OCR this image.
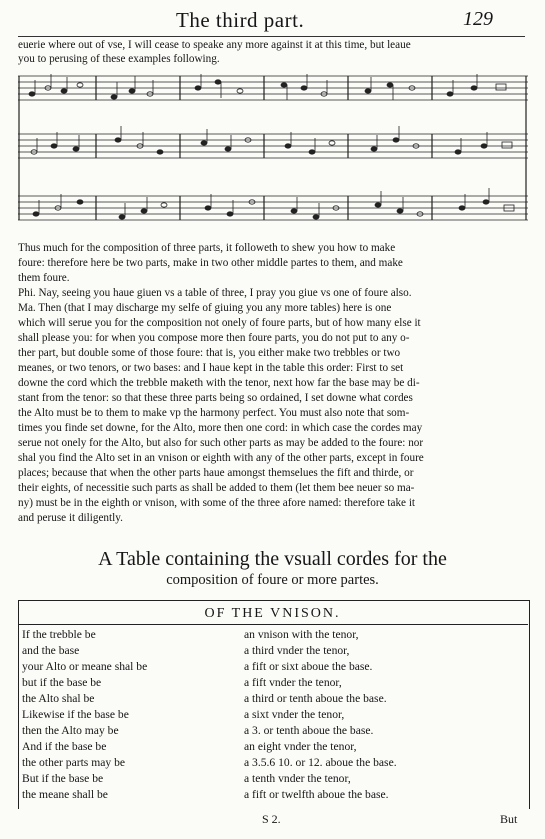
The third part.	129
euerie where out of vse, I will cease to speake any more against it at this time, but leaue
you to perusing of these examples following.
Thus much for the composition of three parts, it followeth to shew you how to make
foure: therefore here be two parts, make in two other middle partes to them, and make
them foure.
Phi. Nay, seeing you haue giuen vs a table of three, I pray you giue vs one of foure also.
Ma. Then (that I may discharge my selfe of giuing you any more tables) here is one
which will serue you for the composition not onely of foure parts, but of how many else it
shall please you: for when you compose more then foure parts, you do not put to any o-
ther part, but double some of those foure: that is, you either make two trebbles or two
meanes, or two tenors, or two bases: and I haue kept in the table this order: First to set
downe the cord which the trebble maketh with the tenor, next how far the base may be di-
stant from the tenor: so that these three parts being so ordained, I set downe what cordes
the Alto must be to them to make vp the harmony perfect. You must also note that som-
times you finde set downe, for the Alto, more then one cord: in which case the cordes may
serue not onely for the Alto, but also for such other parts as may be added to the foure: nor
shal you find the Alto set in an vnison or eighth with any of the other parts, except in foure
places; because that when the other parts haue amongst themselues the fift and thirde, or
their eights, of necessitie such parts as shall be added to them (let them bee neuer so ma-
ny) must be in the eighth or vnison, with some of the three afore named: therefore take it
and peruse it diligently.
A Table containing the vsuall cordes for the
composition of foure or more partes.
OF THE VNISON.
If the trebble be	an vnison with the tenor,
and the base	a third vnder the tenor,
your Alto or meane shal be	a fift or sixt aboue the base.
but if the base be	a fift vnder the tenor,
the Alto shal be	a third or tenth aboue the base.
Likewise if the base be	a sixt vnder the tenor,
then the Alto may be	a 3. or tenth aboue the base.
And if the base be	an eight vnder the tenor,
the other parts may be	a 3.5.6 10. or 12. aboue the base.
But if the base be	a tenth vnder the tenor,
the meane shall be	a fift or twelfth aboue the base.
S 2.	But
